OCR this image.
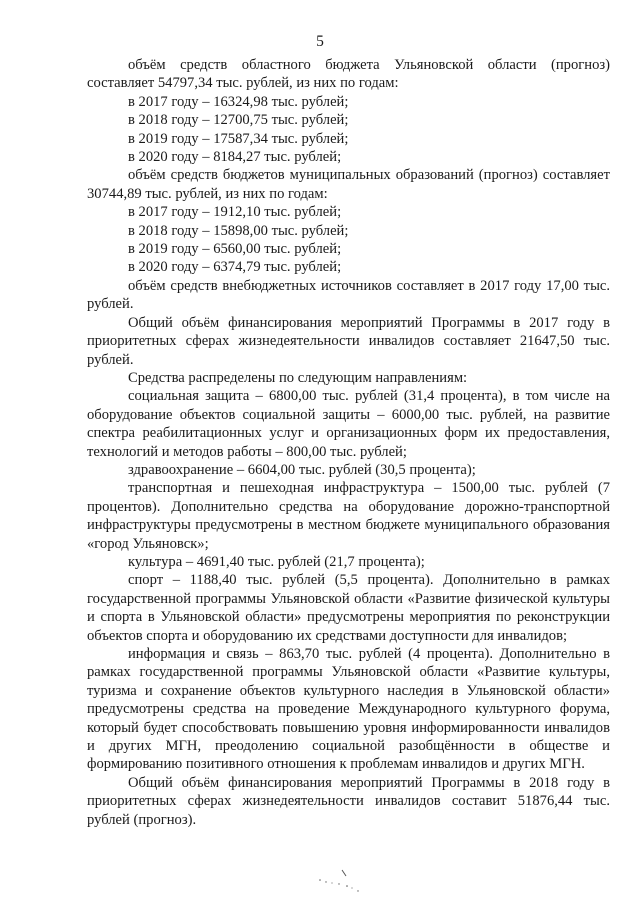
5

объём средств областного бюджета Ульяновской области (прогноз) составляет 54797,34 тыс. рублей, из них по годам:

в 2017 году – 16324,98 тыс. рублей;

в 2018 году – 12700,75 тыс. рублей;

в 2019 году – 17587,34 тыс. рублей;

в 2020 году – 8184,27 тыс. рублей;

объём средств бюджетов муниципальных образований (прогноз) составляет 30744,89 тыс. рублей, из них по годам:

в 2017 году – 1912,10 тыс. рублей;

в 2018 году – 15898,00 тыс. рублей;

в 2019 году – 6560,00 тыс. рублей;

в 2020 году – 6374,79 тыс. рублей;

объём средств внебюджетных источников составляет в 2017 году 17,00 тыс. рублей.

Общий объём финансирования мероприятий Программы в 2017 году в приоритетных сферах жизнедеятельности инвалидов составляет 21647,50 тыс. рублей.

Средства распределены по следующим направлениям:

социальная защита – 6800,00 тыс. рублей (31,4 процента), в том числе на оборудование объектов социальной защиты – 6000,00 тыс. рублей, на развитие спектра реабилитационных услуг и организационных форм их предоставления, технологий и методов работы – 800,00 тыс. рублей;

здравоохранение – 6604,00 тыс. рублей (30,5 процента);

транспортная и пешеходная инфраструктура – 1500,00 тыс. рублей (7 процентов). Дополнительно средства на оборудование дорожно-транспортной инфраструктуры предусмотрены в местном бюджете муниципального образования «город Ульяновск»;

культура – 4691,40 тыс. рублей (21,7 процента);

спорт – 1188,40 тыс. рублей (5,5 процента). Дополнительно в рамках государственной программы Ульяновской области «Развитие физической культуры и спорта в Ульяновской области» предусмотрены мероприятия по реконструкции объектов спорта и оборудованию их средствами доступности для инвалидов;

информация и связь – 863,70 тыс. рублей (4 процента). Дополнительно в рамках государственной программы Ульяновской области «Развитие культуры, туризма и сохранение объектов культурного наследия в Ульяновской области» предусмотрены средства на проведение Международного культурного форума, который будет способствовать повышению уровня информированности инвалидов и других МГН, преодолению социальной разобщённости в обществе и формированию позитивного отношения к проблемам инвалидов и других МГН.

Общий объём финансирования мероприятий Программы в 2018 году в приоритетных сферах жизнедеятельности инвалидов составит 51876,44 тыс. рублей (прогноз).
